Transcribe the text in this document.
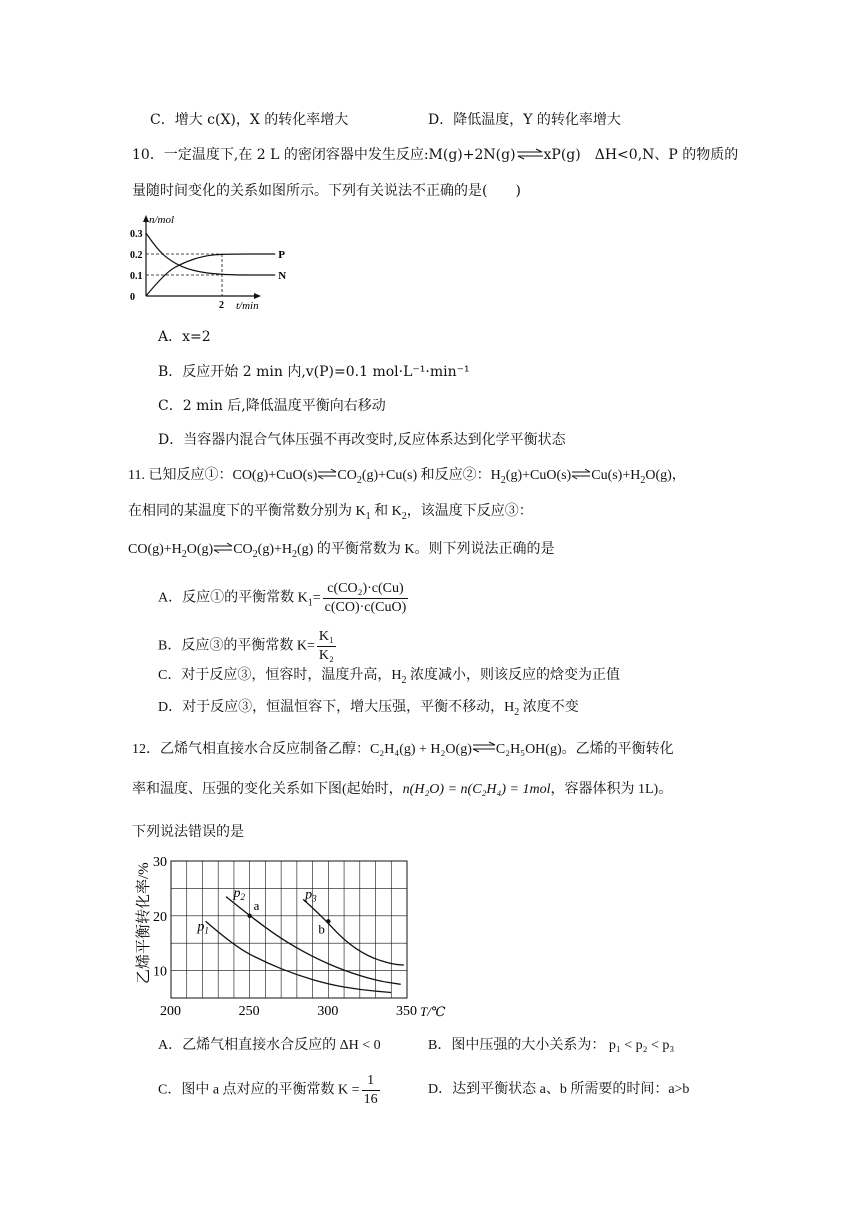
C．增大 c(X)，X 的转化率增大	D．降低温度，Y 的转化率增大
10．一定温度下,在 2 L 的密闭容器中发生反应:M(g)+2N(g)⇌xP(g)　ΔH<0,N、P 的物质的
量随时间变化的关系如图所示。下列有关说法不正确的是(　　)
0
0.1
0.2
0.3
2
P
N
n/mol
t/min
A．x=2
B．反应开始 2 min 内,v(P)=0.1 mol·L⁻¹·min⁻¹
C．2 min 后,降低温度平衡向右移动
D．当容器内混合气体压强不再改变时,反应体系达到化学平衡状态
11. 已知反应①：$CO(g)+CuO(s)\rightleftharpoons CO_2(g)+Cu(s)$ 和反应②：$H_2(g)+CuO(s)\rightleftharpoons Cu(s)+H_2O(g)$，
在相同的某温度下的平衡常数分别为 $K_1$ 和 $K_2$，该温度下反应③：
$CO(g)+H_2O(g)\rightleftharpoons CO_2(g)+H_2(g)$ 的平衡常数为 K。则下列说法正确的是
A．反应①的平衡常数 $K_1= \frac{\text{c(CO₂)·c(Cu)}}{\text{c(CO)·c(CuO)}}$
B．反应③的平衡常数 $K= \frac{\text{K₁}}{\text{K₂}}$
C．对于反应③，恒容时，温度升高，$H_2$ 浓度减小，则该反应的焓变为正值
D．对于反应③，恒温恒容下，增大压强，平衡不移动，$H_2$ 浓度不变
12．乙烯气相直接水合反应制备乙醇：C₂H₄(g) + H₂O(g)⇌C₂H₅OH(g)。乙烯的平衡转化
率和温度、压强的变化关系如下图(起始时，n(H₂O) = n(C₂H₄) = 1mol，容器体积为 1L)。
下列说法错误的是
10
20
30
200	250	300	350
a
b
$p_2$	$p_3$
$p_1$
乙烯平衡转化率/%
T/℃
A．乙烯气相直接水合反应的 ΔH < 0	B．图中压强的大小关系为： p₁ < p₂ < p₃
C．图中 a 点对应的平衡常数 $K = \frac{1}{16}$	D．达到平衡状态 a、b 所需要的时间：a>b
